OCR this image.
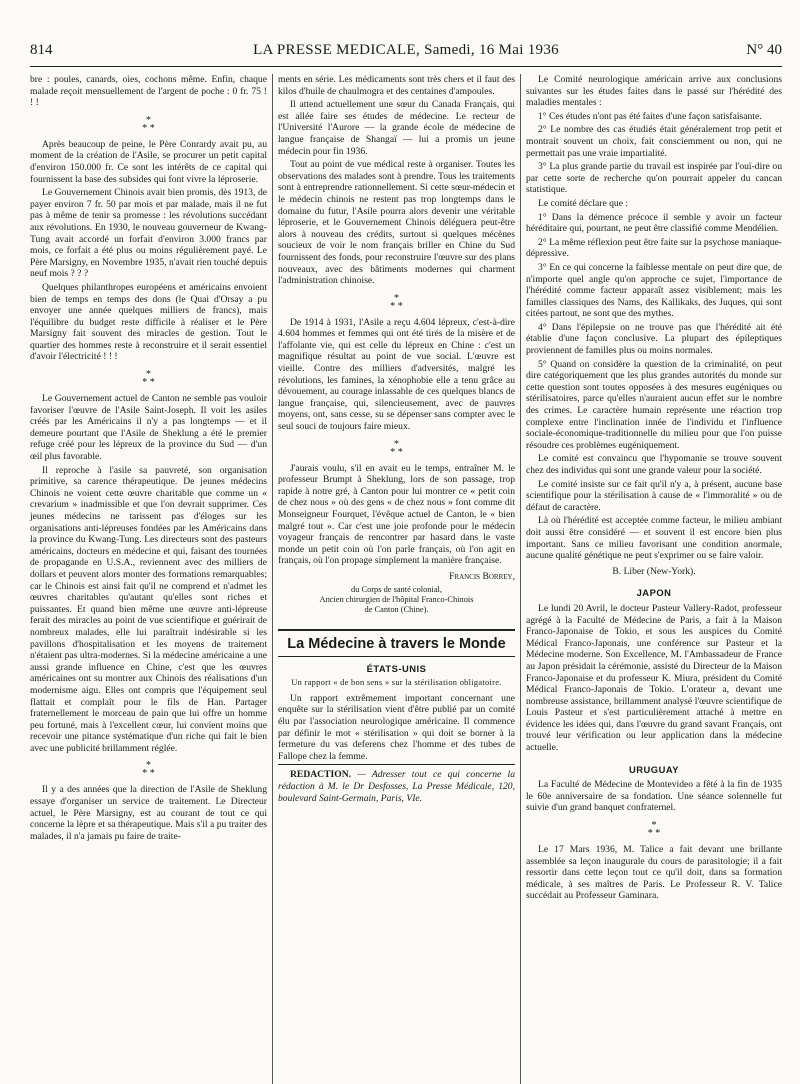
814	LA PRESSE MEDICALE, Samedi, 16 Mai 1936	N° 40

bre : poules, canards, oies, cochons même. Enfin, chaque malade reçoit mensuellement de l'argent de poche : 0 fr. 75 ! ! !

*
* *

Après beaucoup de peine, le Père Conrardy avait pu, au moment de la création de l'Asile, se procurer un petit capital d'environ 150.000 fr. Ce sont les intérêts de ce capital qui fournissent la base des subsides qui font vivre la léproserie.

Le Gouvernement Chinois avait bien promis, dès 1913, de payer environ 7 fr. 50 par mois et par malade, mais il ne fut pas à même de tenir sa promesse : les révolutions succédant aux révolutions. En 1930, le nouveau gouverneur de Kwang-Tung avait accordé un forfait d'environ 3.000 francs par mois, ce forfait a été plus ou moins régulièrement payé. Le Père Marsigny, en Novembre 1935, n'avait rien touché depuis neuf mois ? ? ?

Quelques philanthropes européens et américains envoient bien de temps en temps des dons (le Quai d'Orsay a pu envoyer une année quelques milliers de francs), mais l'équilibre du budget reste difficile à réaliser et le Père Marsigny fait souvent des miracles de gestion. Tout le quartier des hommes reste à reconstruire et il serait essentiel d'avoir l'électricité ! ! !

*
* *

Le Gouvernement actuel de Canton ne semble pas vouloir favoriser l'œuvre de l'Asile Saint-Joseph. Il voit les asiles créés par les Américains il n'y a pas longtemps — et il demeure pourtant que l'Asile de Sheklung a été le premier refuge créé pour les lépreux de la province du Sud — d'un œil plus favorable.

Il reproche à l'asile sa pauvreté, son organisation primitive, sa carence thérapeutique. De jeunes médecins Chinois ne voient cette œuvre charitable que comme un « crevarium » inadmissible et que l'on devrait supprimer. Ces jeunes médecins ne tarissent pas d'éloges sur les organisations anti-lépreuses fondées par les Américains dans la province du Kwang-Tung. Les directeurs sont des pasteurs américains, docteurs en médecine et qui, faisant des tournées de propagande en U.S.A., reviennent avec des milliers de dollars et peuvent alors monter des formations remarquables; car le Chinois est ainsi fait qu'il ne comprend et n'admet les œuvres charitables qu'autant qu'elles sont riches et puissantes. Et quand bien même une œuvre anti-lépreuse ferait des miracles au point de vue scientifique et guérirait de nombreux malades, elle lui paraîtrait indésirable si les pavillons d'hospitalisation et les moyens de traitement n'étaient pas ultra-modernes. Si la médecine américaine a une aussi grande influence en Chine, c'est que les œuvres américaines ont su montrer aux Chinois des réalisations d'un modernisme aigu. Elles ont compris que l'équipement seul flattait et complaît pour le fils de Han. Partager fraternellement le morceau de pain que lui offre un homme peu fortuné, mais à l'excellent cœur, lui convient moins que recevoir une pitance systématique d'un riche qui fait le bien avec une publicité brillamment réglée.

*
* *

Il y a des années que la direction de l'Asile de Sheklung essaye d'organiser un service de traitement. Le Directeur actuel, le Père Marsigny, est au courant de tout ce qui concerne la lèpre et sa thérapeutique. Mais s'il a pu traiter des malades, il n'a jamais pu faire de traite-

ments en série. Les médicaments sont très chers et il faut des kilos d'huile de chaulmogra et des centaines d'ampoules.

Il attend actuellement une sœur du Canada Français, qui est allée faire ses études de médecine. Le recteur de l'Université l'Aurore — la grande école de médecine de langue française de Shangaï — lui a promis un jeune médecin pour fin 1936.

Tout au point de vue médical reste à organiser. Toutes les observations des malades sont à prendre. Tous les traitements sont à entreprendre rationnellement. Si cette sœur-médecin et le médecin chinois ne restent pas trop longtemps dans le domaine du futur, l'Asile pourra alors devenir une véritable léproserie, et le Gouvernement Chinois déléguera peut-être alors à nouveau des crédits, surtout si quelques mécènes soucieux de voir le nom français briller en Chine du Sud fournissent des fonds, pour reconstruire l'œuvre sur des plans nouveaux, avec des bâtiments modernes qui charment l'administration chinoise.

*
* *

De 1914 à 1931, l'Asile a reçu 4.604 lépreux, c'est-à-dire 4.604 hommes et femmes qui ont été tirés de la misère et de l'affolante vie, qui est celle du lépreux en Chine : c'est un magnifique résultat au point de vue social. L'œuvre est vieille. Contre des milliers d'adversités, malgré les révolutions, les famines, la xénophobie elle a tenu grâce au dévouement, au courage inlassable de ces quelques blancs de langue française, qui, silencieusement, avec de pauvres moyens, ont, sans cesse, su se dépenser sans compter avec le seul souci de toujours faire mieux.

*
* *

J'aurais voulu, s'il en avait eu le temps, entraîner M. le professeur Brumpt à Sheklung, lors de son passage, trop rapide à notre gré, à Canton pour lui montrer ce « petit coin de chez nous » où des gens « de chez nous » font comme dit Monseigneur Fourquet, l'évêque actuel de Canton, le « bien malgré tout ». Car c'est une joie profonde pour le médecin voyageur français de rencontrer par hasard dans le vaste monde un petit coin où l'on parle français, où l'on agit en français, où l'on propage simplement la manière française.

Francis Borrey,
du Corps de santé colonial,
Ancien chirurgien de l'hôpital Franco-Chinois
de Canton (Chine).
La Médecine à travers le Monde
ÉTATS-UNIS
Un rapport « de bon sens » sur la stérilisation obligatoire.

Un rapport extrêmement important concernant une enquête sur la stérilisation vient d'être publié par un comité élu par l'association neurologique américaine. Il commence par définir le mot « stérilisation » qui doit se borner à la fermeture du vas deferens chez l'homme et des tubes de Fallope chez la femme.

REDACTION. — Adresser tout ce qui concerne la rédaction à M. le Dr Desfosses, La Presse Médicale, 120, boulevard Saint-Germain, Paris, VIe.

Le Comité neurologique américain arrive aux conclusions suivantes sur les études faites dans le passé sur l'hérédité des maladies mentales :

1° Ces études n'ont pas été faites d'une façon satisfaisante.

2° Le nombre des cas étudiés était généralement trop petit et montrait souvent un choix, fait consciemment ou non, qui ne permettait pas une vraie impartialité.

3° La plus grande partie du travail est inspirée par l'ouï-dire ou par cette sorte de recherche qu'on pourrait appeler du cancan statistique.

Le comité déclare que :

1° Dans la démence précoce il semble y avoir un facteur héréditaire qui, pourtant, ne peut être classifié comme Mendélien.

2° La même réflexion peut être faite sur la psychose maniaque-dépressive.

3° En ce qui concerne la faiblesse mentale on peut dire que, de n'importe quel angle qu'on approche ce sujet, l'importance de l'hérédité comme facteur apparaît assez visiblement; mais les familles classiques des Nams, des Kallikaks, des Juques, qui sont citées partout, ne sont que des mythes.

4° Dans l'épilepsie on ne trouve pas que l'hérédité ait été établie d'une façon conclusive. La plupart des épileptiques proviennent de familles plus ou moins normales.

5° Quand on considère la question de la criminalité, on peut dire catégoriquement que les plus grandes autorités du monde sur cette question sont toutes opposées à des mesures eugéniques ou stérilisatoires, parce qu'elles n'auraient aucun effet sur le nombre des crimes. Le caractère humain représente une réaction trop complexe entre l'inclination innée de l'individu et l'influence sociale-économique-traditionnelle du milieu pour que l'on puisse résoudre ces problèmes eugéniquement.

Le comité est convaincu que l'hypomanie se trouve souvent chez des individus qui sont une grande valeur pour la société.

Le comité insiste sur ce fait qu'il n'y a, à présent, aucune base scientifique pour la stérilisation à cause de « l'immoralité » ou de défaut de caractère.

Là où l'hérédité est acceptée comme facteur, le milieu ambiant doit aussi être considéré — et souvent il est encore bien plus important. Sans ce milieu favorisant une condition anormale, aucune qualité génétique ne peut s'exprimer ou se faire valoir.

B. Liber (New-York).
JAPON

Le lundi 20 Avril, le docteur Pasteur Vallery-Radot, professeur agrégé à la Faculté de Médecine de Paris, a fait à la Maison Franco-Japonaise de Tokio, et sous les auspices du Comité Médical Franco-Japonais, une conférence sur Pasteur et la Médecine moderne. Son Excellence, M. l'Ambassadeur de France au Japon présidait la cérémonie, assisté du Directeur de la Maison Franco-Japonaise et du professeur K. Miura, président du Comité Médical Franco-Japonais de Tokio. L'orateur a, devant une nombreuse assistance, brillamment analysé l'œuvre scientifique de Louis Pasteur et s'est particulièrement attaché à mettre en évidence les idées qui, dans l'œuvre du grand savant Français, ont trouvé leur vérification ou leur application dans la médecine actuelle.

URUGUAY

La Faculté de Médecine de Montevideo a fêté à la fin de 1935 le 60e anniversaire de sa fondation. Une séance solennelle fut suivie d'un grand banquet confraternel.

*
* *

Le 17 Mars 1936, M. Talice a fait devant une brillante assemblée sa leçon inaugurale du cours de parasitologie; il a fait ressortir dans cette leçon tout ce qu'il doit, dans sa formation médicale, à ses maîtres de Paris. Le Professeur R. V. Talice succédait au Professeur Gaminara.
